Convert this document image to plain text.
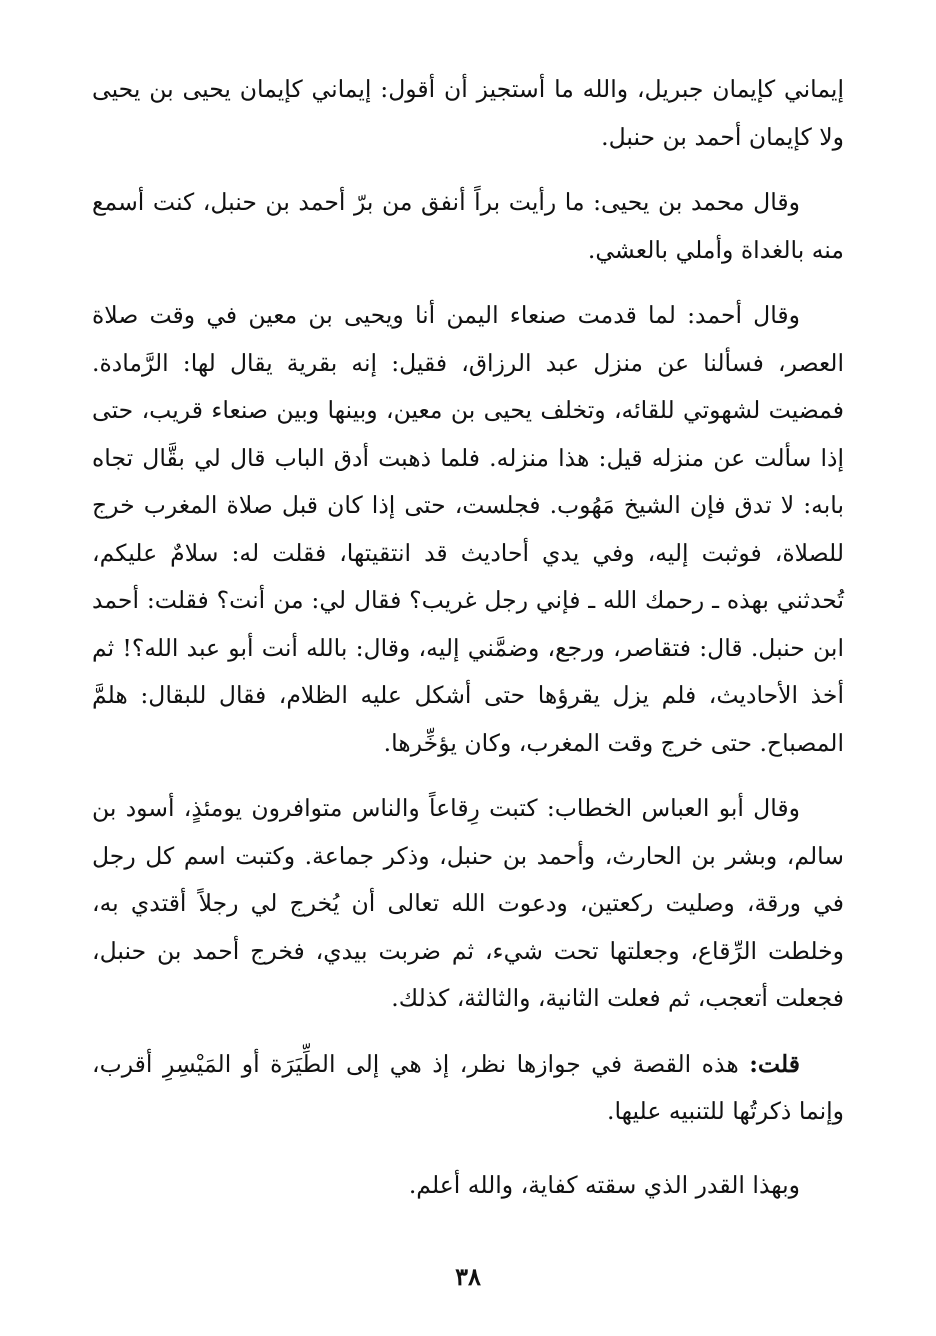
إيماني كإيمان جبريل، والله ما أستجيز أن أقول: إيماني كإيمان يحيى بن يحيى ولا كإيمان أحمد بن حنبل.

وقال محمد بن يحيى: ما رأيت براً أنفق من برّ أحمد بن حنبل، كنت أسمع منه بالغداة وأملي بالعشي.

وقال أحمد: لما قدمت صنعاء اليمن أنا ويحيى بن معين في وقت صلاة العصر، فسألنا عن منزل عبد الرزاق، فقيل: إنه بقرية يقال لها: الرَّمادة. فمضيت لشهوتي للقائه، وتخلف يحيى بن معين، وبينها وبين صنعاء قريب، حتى إذا سألت عن منزله قيل: هذا منزله. فلما ذهبت أدق الباب قال لي بقَّال تجاه بابه: لا تدق فإن الشيخ مَهُوب. فجلست، حتى إذا كان قبل صلاة المغرب خرج للصلاة، فوثبت إليه، وفي يدي أحاديث قد انتقيتها، فقلت له: سلامٌ عليكم، تُحدثني بهذه ـ رحمك الله ـ فإني رجل غريب؟ فقال لي: من أنت؟ فقلت: أحمد ابن حنبل. قال: فتقاصر، ورجع، وضمَّني إليه، وقال: بالله أنت أبو عبد الله؟! ثم أخذ الأحاديث، فلم يزل يقرؤها حتى أشكل عليه الظلام، فقال للبقال: هلمَّ المصباح. حتى خرج وقت المغرب، وكان يؤخِّرها.

وقال أبو العباس الخطاب: كتبت رِقاعاً والناس متوافرون يومئذٍ، أسود بن سالم، وبشر بن الحارث، وأحمد بن حنبل، وذكر جماعة. وكتبت اسم كل رجل في ورقة، وصليت ركعتين، ودعوت الله تعالى أن يُخرج لي رجلاً أقتدي به، وخلطت الرِّقاع، وجعلتها تحت شيء، ثم ضربت بيدي، فخرج أحمد بن حنبل، فجعلت أتعجب، ثم فعلت الثانية، والثالثة، كذلك.

قلت: هذه القصة في جوازها نظر، إذ هي إلى الطِّيَرَة أو المَيْسِرِ أقرب، وإنما ذكرتُها للتنبيه عليها.

وبهذا القدر الذي سقته كفاية، والله أعلم.

٣٨
